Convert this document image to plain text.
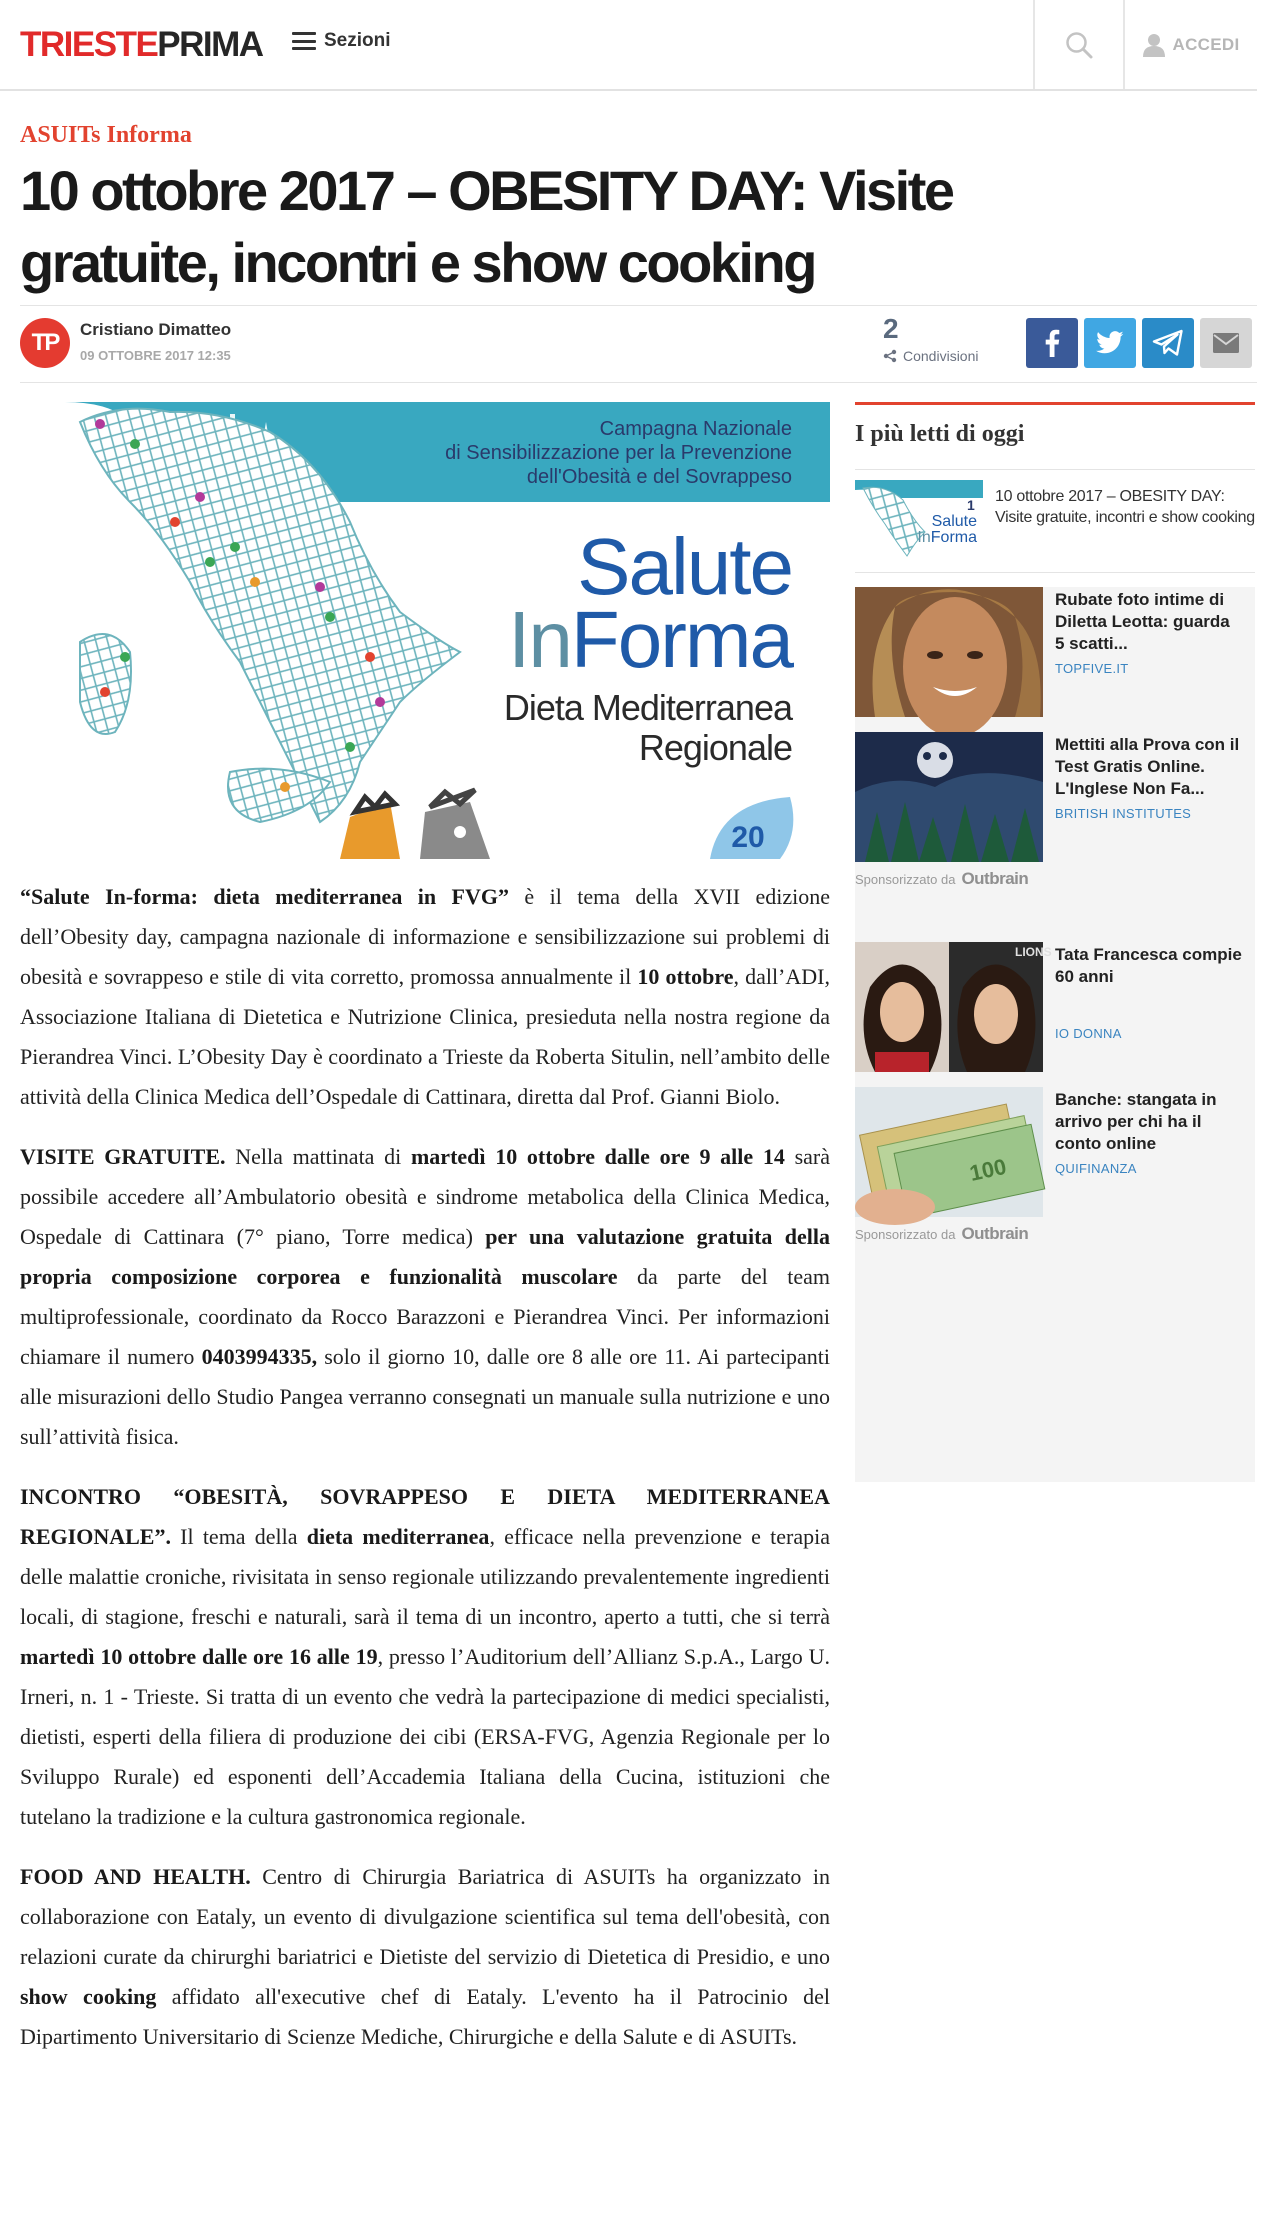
TRIESTEPRIMA	Sezioni	ACCEDI
ASUITs Informa
10 ottobre 2017 – OBESITY DAY: Visite gratuite, incontri e show cooking
TP	Cristiano Dimatteo
09 OTTOBRE 2017 12:35
2
Condivisioni
Campagna Nazionale
di Sensibilizzazione per la Prevenzione
dell'Obesità e del Sovrappeso
Salute
InForma
Dieta Mediterranea
Regionale
20

“Salute In-forma: dieta mediterranea in FVG” è il tema della XVII edizione dell’Obesity day, campagna nazionale di informazione e sensibilizzazione sui problemi di obesità e sovrappeso e stile di vita corretto, promossa annualmente il 10 ottobre, dall’ADI, Associazione Italiana di Dietetica e Nutrizione Clinica, presieduta nella nostra regione da Pierandrea Vinci. L’Obesity Day è coordinato a Trieste da Roberta Situlin, nell’ambito delle attività della Clinica Medica dell’Ospedale di Cattinara, diretta dal Prof. Gianni Biolo.

VISITE GRATUITE. Nella mattinata di martedì 10 ottobre dalle ore 9 alle 14 sarà possibile accedere all’Ambulatorio obesità e sindrome metabolica della Clinica Medica, Ospedale di Cattinara (7° piano, Torre medica) per una valutazione gratuita della propria composizione corporea e funzionalità muscolare da parte del team multiprofessionale, coordinato da Rocco Barazzoni e Pierandrea Vinci. Per informazioni chiamare il numero 0403994335, solo il giorno 10, dalle ore 8 alle ore 11. Ai partecipanti alle misurazioni dello Studio Pangea verranno consegnati un manuale sulla nutrizione e uno sull’attività fisica.

INCONTRO “OBESITÀ, SOVRAPPESO E DIETA MEDITERRANEA REGIONALE”. Il tema della dieta mediterranea, efficace nella prevenzione e terapia delle malattie croniche, rivisitata in senso regionale utilizzando prevalentemente ingredienti locali, di stagione, freschi e naturali, sarà il tema di un incontro, aperto a tutti, che si terrà martedì 10 ottobre dalle ore 16 alle 19, presso l’Auditorium dell’Allianz S.p.A., Largo U. Irneri, n. 1 - Trieste. Si tratta di un evento che vedrà la partecipazione di medici specialisti, dietisti, esperti della filiera di produzione dei cibi (ERSA-FVG, Agenzia Regionale per lo Sviluppo Rurale) ed esponenti dell’Accademia Italiana della Cucina, istituzioni che tutelano la tradizione e la cultura gastronomica regionale.

FOOD AND HEALTH. Centro di Chirurgia Bariatrica di ASUITs ha organizzato in collaborazione con Eataly, un evento di divulgazione scientifica sul tema dell'obesità, con relazioni curate da chirurghi bariatrici e Dietiste del servizio di Dietetica di Presidio, e uno show cooking affidato all'executive chef di Eataly. L'evento ha il Patrocinio del Dipartimento Universitario di Scienze Mediche, Chirurgiche e della Salute e di ASUITs.

I più letti di oggi
1
Salute
InForma
10 ottobre 2017 – OBESITY DAY: Visite gratuite, incontri e show cooking
Rubate foto intime di Diletta Leotta: guarda 5 scatti...
TOPFIVE.IT
Mettiti alla Prova con il Test Gratis Online. L'Inglese Non Fa...
BRITISH INSTITUTES
Sponsorizzato da Outbrain
LIONS Tata Francesca compie 60 anni
IO DONNA
100
Banche: stangata in arrivo per chi ha il conto online
QUIFINANZA
Sponsorizzato da Outbrain
